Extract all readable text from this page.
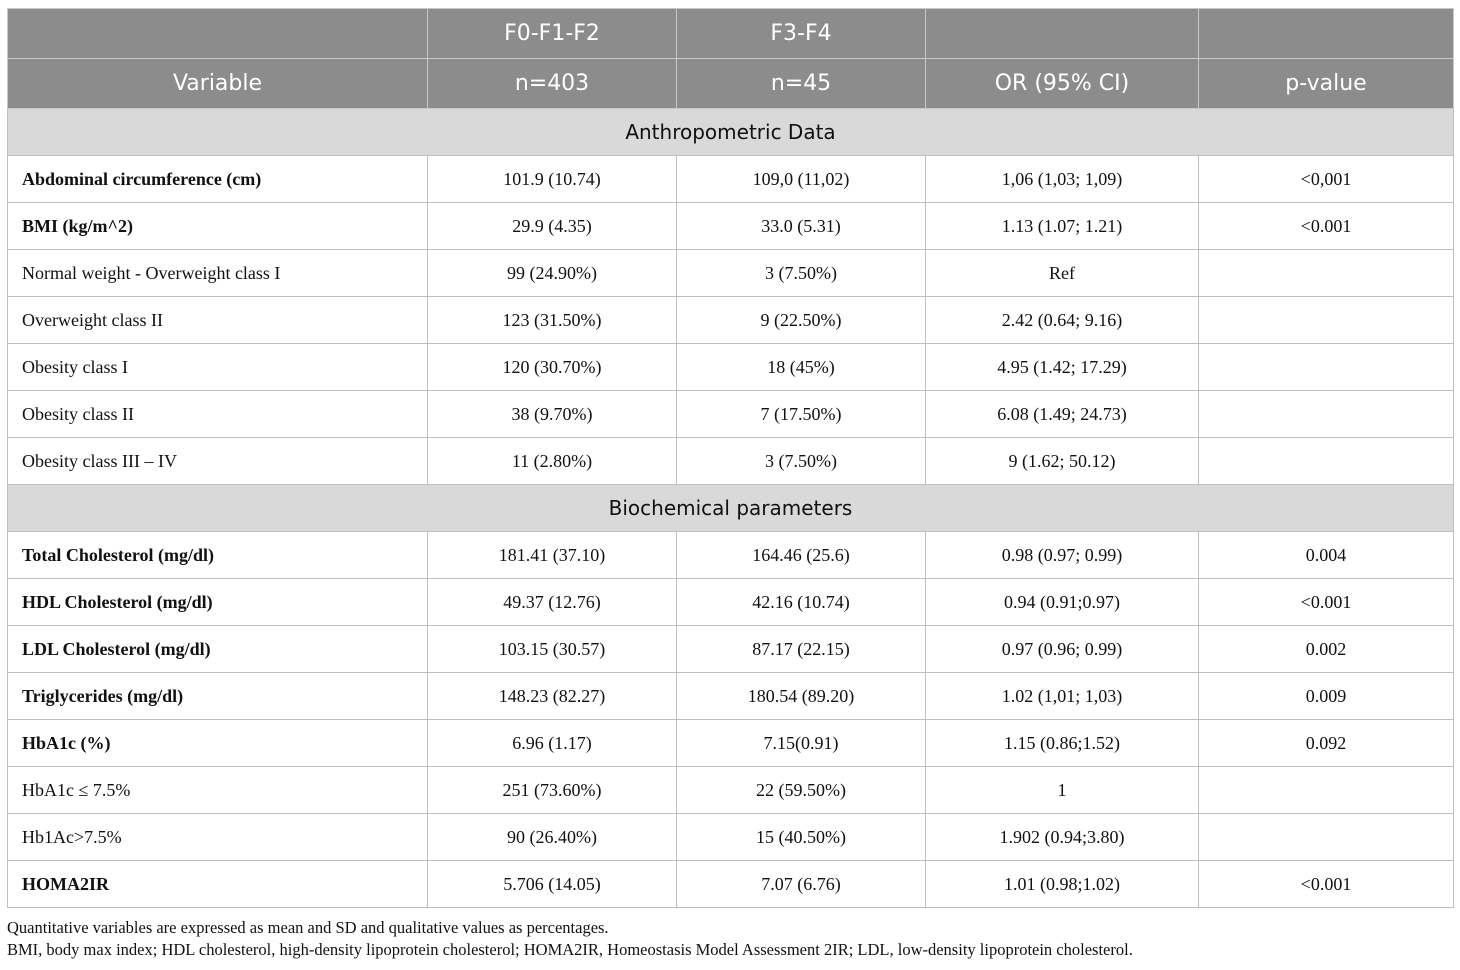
	F0-F1-F2	F3-F4		
Variable	n=403	n=45	OR (95% CI)	p-value
Anthropometric Data				
Abdominal circumference (cm)	101.9 (10.74)	109,0 (11,02)	1,06 (1,03; 1,09)	<0,001
BMI (kg/m^2)	29.9 (4.35)	33.0 (5.31)	1.13 (1.07; 1.21)	<0.001
Normal weight - Overweight class I	99 (24.90%)	3 (7.50%)	Ref	
Overweight class II	123 (31.50%)	9 (22.50%)	2.42 (0.64; 9.16)	
Obesity class I	120 (30.70%)	18 (45%)	4.95 (1.42; 17.29)	
Obesity class II	38 (9.70%)	7 (17.50%)	6.08 (1.49; 24.73)	
Obesity class III – IV	11 (2.80%)	3 (7.50%)	9 (1.62; 50.12)	
Biochemical parameters				
Total Cholesterol (mg/dl)	181.41 (37.10)	164.46 (25.6)	0.98 (0.97; 0.99)	0.004
HDL Cholesterol (mg/dl)	49.37 (12.76)	42.16 (10.74)	0.94 (0.91;0.97)	<0.001
LDL Cholesterol (mg/dl)	103.15 (30.57)	87.17 (22.15)	0.97 (0.96; 0.99)	0.002
Triglycerides (mg/dl)	148.23 (82.27)	180.54 (89.20)	1.02 (1,01; 1,03)	0.009
HbA1c (%)	6.96 (1.17)	7.15(0.91)	1.15 (0.86;1.52)	0.092
HbA1c ≤ 7.5%	251 (73.60%)	22 (59.50%)	1	
Hb1Ac>7.5%	90 (26.40%)	15 (40.50%)	1.902 (0.94;3.80)	
HOMA2IR	5.706 (14.05)	7.07 (6.76)	1.01 (0.98;1.02)	<0.001
Quantitative variables are expressed as mean and SD and qualitative values as percentages.
BMI, body max index; HDL cholesterol, high-density lipoprotein cholesterol; HOMA2IR, Homeostasis Model Assessment 2IR; LDL, low-density lipoprotein cholesterol.
